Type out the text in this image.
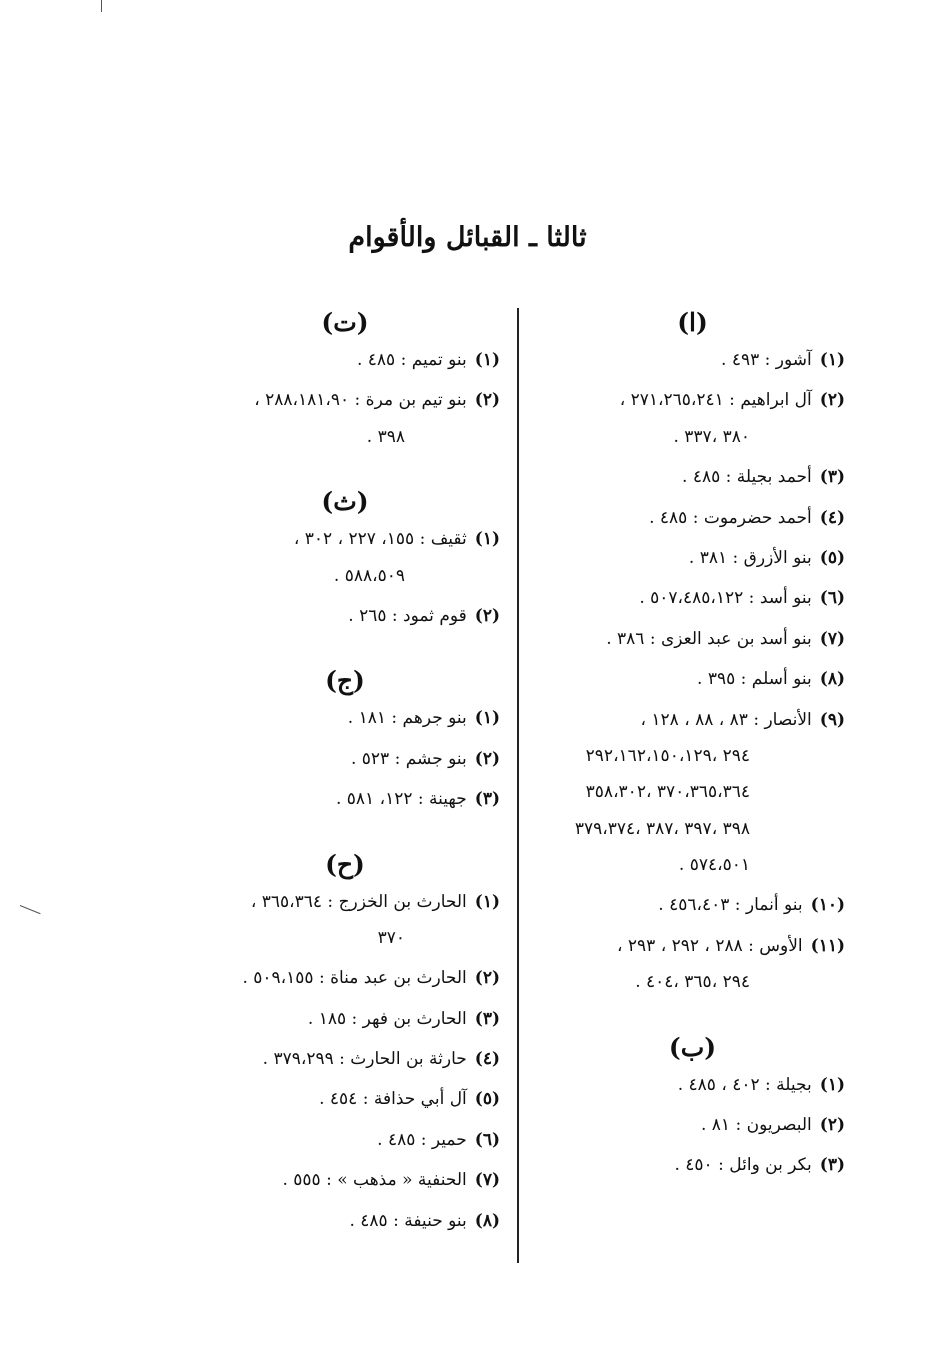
ثالثا ـ القبائل والأقوام
(ا)
(١)آشور : ٤٩٣ .
(٢)آل ابراهيم : ٢٧١،٢٦٥،٢٤١ ،
٣٨٠ ،٣٣٧ .
(٣)أحمد بجيلة : ٤٨٥ .
(٤)أحمد حضرموت : ٤٨٥ .
(٥)بنو الأزرق : ٣٨١ .
(٦)بنو أسد : ٥٠٧،٤٨٥،١٢٢ .
(٧)بنو أسد بن عبد العزى : ٣٨٦ .
(٨)بنو أسلم : ٣٩٥ .
(٩)الأنصار : ٨٣ ، ٨٨ ، ١٢٨ ،
٢٩٤ ،٢٩٢،١٦٢،١٥٠،١٢٩
٣٧٠،٣٦٥،٣٦٤ ،٣٥٨،٣٠٢
٣٩٨ ،٣٩٧ ،٣٨٧ ،٣٧٩،٣٧٤
٥٧٤،٥٠١ .
(١٠)بنو أنمار : ٤٥٦،٤٠٣ .
(١١)الأوس : ٢٨٨ ، ٢٩٢ ، ٢٩٣ ،
٢٩٤ ،٣٦٥ ،٤٠٤ .
(ب)
(١)بجيلة : ٤٠٢ ، ٤٨٥ .
(٢)البصريون : ٨١ .
(٣)بكر بن وائل : ٤٥٠ .
(ت)
(١)بنو تميم : ٤٨٥ .
(٢)بنو تيم بن مرة : ٢٨٨،١٨١،٩٠ ،
٣٩٨ .
(ث)
(١)ثقيف : ١٥٥، ٢٢٧ ، ٣٠٢ ،
٥٨٨،٥٠٩ .
(٢)قوم ثمود : ٢٦٥ .
(ج)
(١)بنو جرهم : ١٨١ .
(٢)بنو جشم : ٥٢٣ .
(٣)جهينة : ١٢٢، ٥٨١ .
(ح)
(١)الحارث بن الخزرج : ٣٦٥،٣٦٤ ،
٣٧٠
(٢)الحارث بن عبد مناة : ٥٠٩،١٥٥ .
(٣)الحارث بن فهر : ١٨٥ .
(٤)حارثة بن الحارث : ٣٧٩،٢٩٩ .
(٥)آل أبي حذافة : ٤٥٤ .
(٦)حمير : ٤٨٥ .
(٧)الحنفية « مذهب » : ٥٥٥ .
(٨)بنو حنيفة : ٤٨٥ .
